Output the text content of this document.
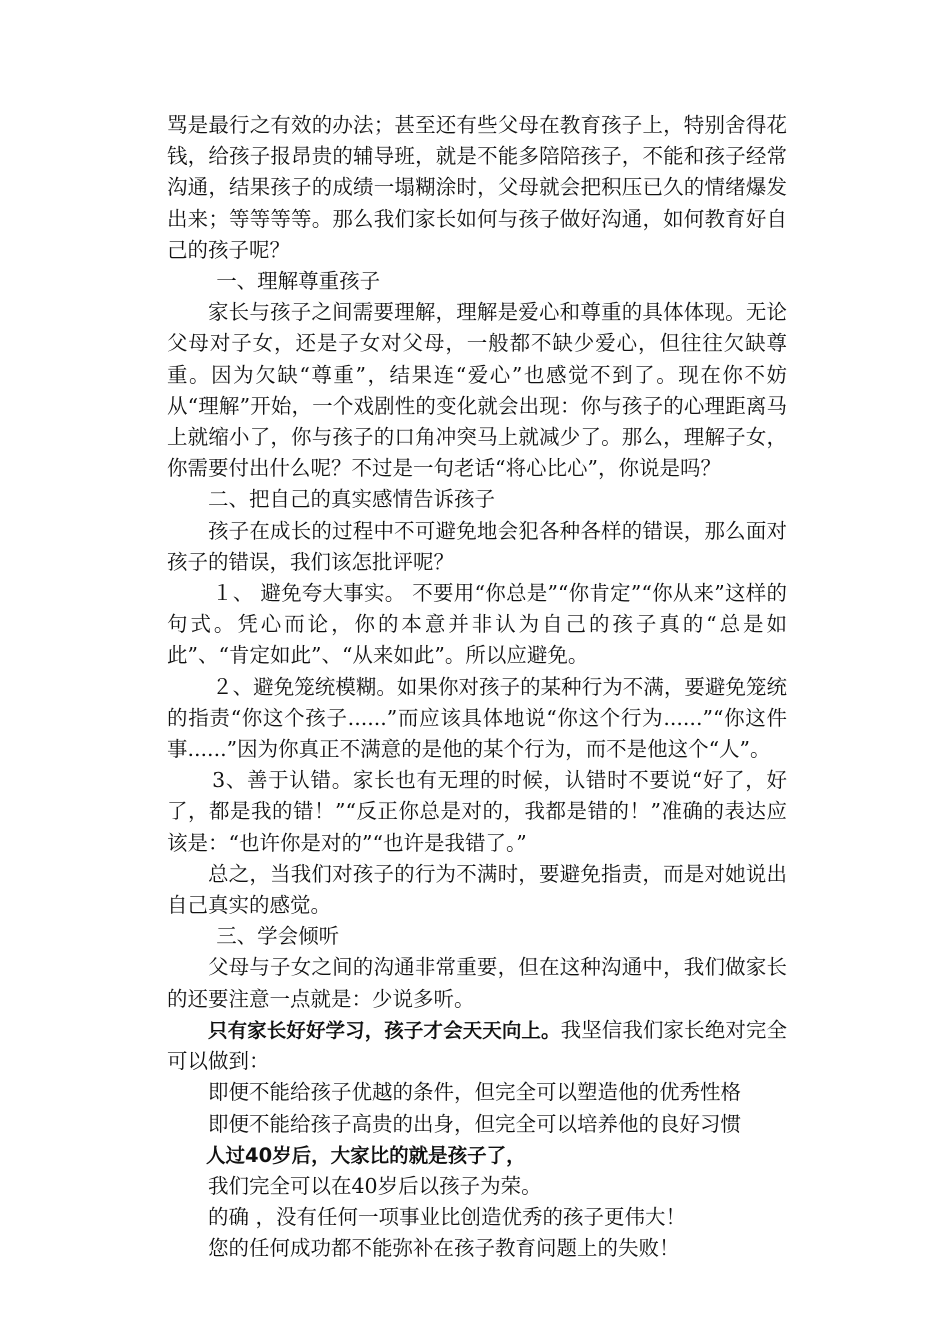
骂是最行之有效的办法；甚至还有些父母在教育孩子上，特别舍得花钱，给孩子报昂贵的辅导班，就是不能多陪陪孩子，不能和孩子经常沟通，结果孩子的成绩一塌糊涂时，父母就会把积压已久的情绪爆发出来；等等等等。那么我们家长如何与孩子做好沟通，如何教育好自己的孩子呢？

一、理解尊重孩子

家长与孩子之间需要理解，理解是爱心和尊重的具体体现。无论父母对子女，还是子女对父母，一般都不缺少爱心，但往往欠缺尊重。因为欠缺“尊重”，结果连“爱心”也感觉不到了。现在你不妨从“理解”开始，一个戏剧性的变化就会出现：你与孩子的心理距离马上就缩小了，你与孩子的口角冲突马上就减少了。那么，理解子女，你需要付出什么呢？不过是一句老话“将心比心”，你说是吗？

二、把自己的真实感情告诉孩子

孩子在成长的过程中不可避免地会犯各种各样的错误，那么面对孩子的错误，我们该怎批评呢？

１、 避免夸大事实。 不要用“你总是”“你肯定”“你从来”这样的句式。凭心而论，你的本意并非认为自己的孩子真的“总是如此”、“肯定如此”、“从来如此”。所以应避免。

２、避免笼统模糊。如果你对孩子的某种行为不满，要避免笼统的指责“你这个孩子......”而应该具体地说“你这个行为......”“你这件事......”因为你真正不满意的是他的某个行为，而不是他这个“人”。

3、善于认错。家长也有无理的时候，认错时不要说“好了，好了，都是我的错！”“反正你总是对的，我都是错的！”准确的表达应该是：“也许你是对的”“也许是我错了。”

总之，当我们对孩子的行为不满时，要避免指责，而是对她说出自己真实的感觉。

三、学会倾听

父母与子女之间的沟通非常重要，但在这种沟通中，我们做家长的还要注意一点就是：少说多听。

只有家长好好学习，孩子才会天天向上。我坚信我们家长绝对完全可以做到：

即便不能给孩子优越的条件，但完全可以塑造他的优秀性格

即便不能给孩子高贵的出身，但完全可以培养他的良好习惯

人过40岁后，大家比的就是孩子了，

我们完全可以在40岁后以孩子为荣。

的确 ，没有任何一项事业比创造优秀的孩子更伟大！

您的任何成功都不能弥补在孩子教育问题上的失败！
